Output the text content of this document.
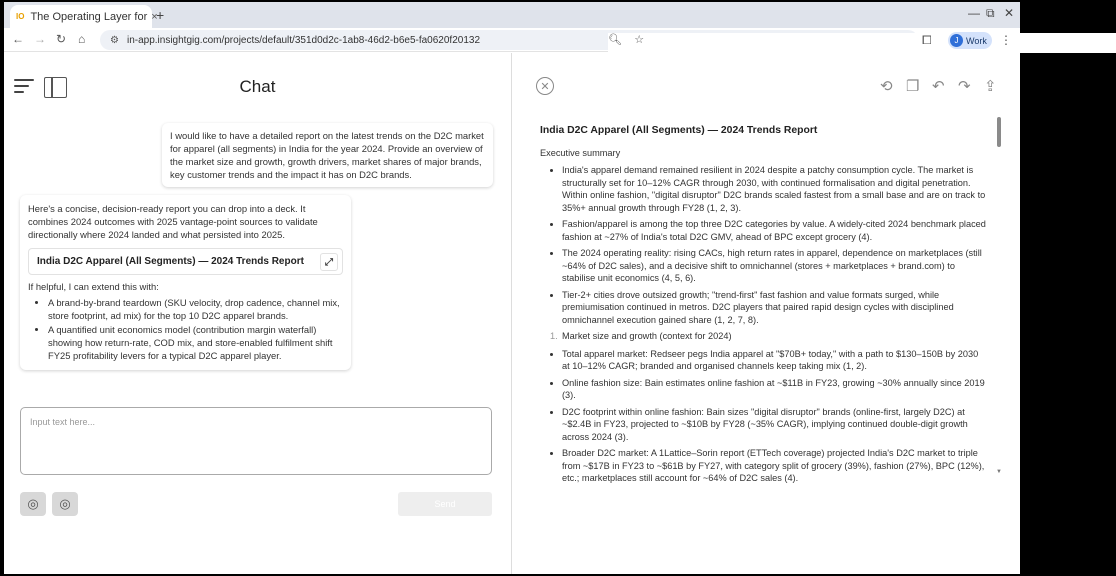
IO The Operating Layer for ×
+	— ⧉ ✕
← → ↻ ⌂ ⚙ in-app.insightgig.com/projects/default/351d0d2c-1ab8-46d2-b6e5-fa0620f20132	🔍︎ ☆	⧠	J Work ⋮
Chat
I would like to have a detailed report on the latest trends on the D2C market for apparel (all segments) in India for the year 2024. Provide an overview of the market size and growth, growth drivers, market shares of major brands, key customer trends and the impact it has on D2C brands.
Here's a concise, decision-ready report you can drop into a deck. It combines 2024 outcomes with 2025 vantage-point sources to validate directionally where 2024 landed and what persisted into 2025.
India D2C Apparel (All Segments) — 2024 Trends Report	⤢
If helpful, I can extend this with:
• A brand-by-brand teardown (SKU velocity, drop cadence, channel mix, store footprint, ad mix) for the top 10 D2C apparel brands.
• A quantified unit economics model (contribution margin waterfall) showing how return-rate, COD mix, and store-enabled fulfilment shift FY25 profitability levers for a typical D2C apparel player.
Input text here...
◎	◎	Send
✕	⟲ ❐ ↶ ↷ ⇪
India D2C Apparel (All Segments) — 2024 Trends Report
Executive summary
• India's apparel demand remained resilient in 2024 despite a patchy consumption cycle. The market is structurally set for 10–12% CAGR through 2030, with continued formalisation and digital penetration. Within online fashion, "digital disruptor" D2C brands scaled fastest from a small base and are on track to 35%+ annual growth through FY28 (1, 2, 3).
• Fashion/apparel is among the top three D2C categories by value. A widely-cited 2024 benchmark placed fashion at ~27% of India's total D2C GMV, ahead of BPC except grocery (4).
• The 2024 operating reality: rising CACs, high return rates in apparel, dependence on marketplaces (still ~64% of D2C sales), and a decisive shift to omnichannel (stores + marketplaces + brand.com) to stabilise unit economics (4, 5, 6).
• Tier-2+ cities drove outsized growth; "trend-first" fast fashion and value formats surged, while premiumisation continued in metros. D2C players that paired rapid design cycles with disciplined omnichannel execution gained share (1, 2, 7, 8).
1. Market size and growth (context for 2024)
• Total apparel market: Redseer pegs India apparel at "$70B+ today," with a path to $130–150B by 2030 at 10–12% CAGR; branded and organised channels keep taking mix (1, 2).
• Online fashion size: Bain estimates online fashion at ~$11B in FY23, growing ~30% annually since 2019 (3).
• D2C footprint within online fashion: Bain sizes "digital disruptor" brands (online-first, largely D2C) at ~$2.4B in FY23, projected to ~$10B by FY28 (~35% CAGR), implying continued double-digit growth across 2024 (3).
• Broader D2C market: A 1Lattice–Sorin report (ETTech coverage) projected India's D2C market to triple from ~$17B in FY23 to ~$61B by FY27, with category split of grocery (39%), fashion (27%), BPC (12%), etc.; marketplaces still account for ~64% of D2C sales (4).
▼
